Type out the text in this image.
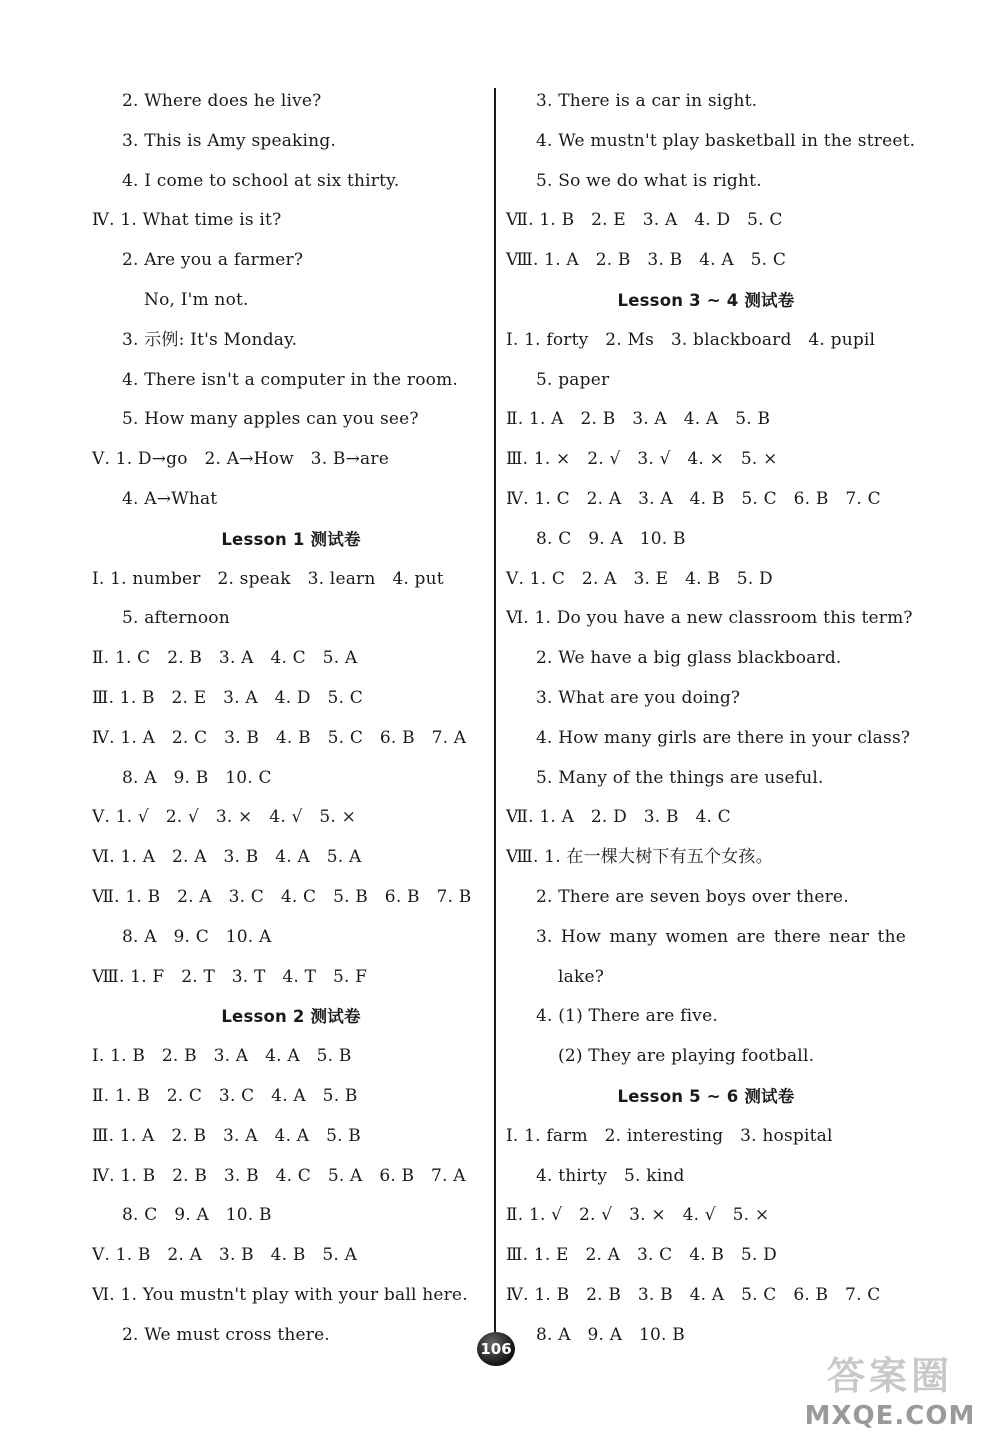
2. Where does he live?
3. This is Amy speaking.
4. I come to school at six thirty.
Ⅳ. 1. What time is it?
2. Are you a farmer?
No, I'm not.
3. 示例: It's Monday.
4. There isn't a computer in the room.
5. How many apples can you see?
Ⅴ. 1. D→go   2. A→How   3. B→are
4. A→What
Lesson 1 测试卷
Ⅰ. 1. number   2. speak   3. learn   4. put
5. afternoon
Ⅱ. 1. C   2. B   3. A   4. C   5. A
Ⅲ. 1. B   2. E   3. A   4. D   5. C
Ⅳ. 1. A   2. C   3. B   4. B   5. C   6. B   7. A
8. A   9. B   10. C
Ⅴ. 1. √   2. √   3. ×   4. √   5. ×
Ⅵ. 1. A   2. A   3. B   4. A   5. A
Ⅶ. 1. B   2. A   3. C   4. C   5. B   6. B   7. B
8. A   9. C   10. A
Ⅷ. 1. F   2. T   3. T   4. T   5. F
Lesson 2 测试卷
Ⅰ. 1. B   2. B   3. A   4. A   5. B
Ⅱ. 1. B   2. C   3. C   4. A   5. B
Ⅲ. 1. A   2. B   3. A   4. A   5. B
Ⅳ. 1. B   2. B   3. B   4. C   5. A   6. B   7. A
8. C   9. A   10. B
Ⅴ. 1. B   2. A   3. B   4. B   5. A
Ⅵ. 1. You mustn't play with your ball here.
2. We must cross there.
3. There is a car in sight.
4. We mustn't play basketball in the street.
5. So we do what is right.
Ⅶ. 1. B   2. E   3. A   4. D   5. C
Ⅷ. 1. A   2. B   3. B   4. A   5. C
Lesson 3 ~ 4 测试卷
Ⅰ. 1. forty   2. Ms   3. blackboard   4. pupil
5. paper
Ⅱ. 1. A   2. B   3. A   4. A   5. B
Ⅲ. 1. ×   2. √   3. √   4. ×   5. ×
Ⅳ. 1. C   2. A   3. A   4. B   5. C   6. B   7. C
8. C   9. A   10. B
Ⅴ. 1. C   2. A   3. E   4. B   5. D
Ⅵ. 1. Do you have a new classroom this term?
2. We have a big glass blackboard.
3. What are you doing?
4. How many girls are there in your class?
5. Many of the things are useful.
Ⅶ. 1. A   2. D   3. B   4. C
Ⅷ. 1. 在一棵大树下有五个女孩。
2. There are seven boys over there.
3. How many women are there near the
lake?
4. (1) There are five.
(2) They are playing football.
Lesson 5 ~ 6 测试卷
Ⅰ. 1. farm   2. interesting   3. hospital
4. thirty   5. kind
Ⅱ. 1. √   2. √   3. ×   4. √   5. ×
Ⅲ. 1. E   2. A   3. C   4. B   5. D
Ⅳ. 1. B   2. B   3. B   4. A   5. C   6. B   7. C
8. A   9. A   10. B
106
答案圈
MXQE.COM
